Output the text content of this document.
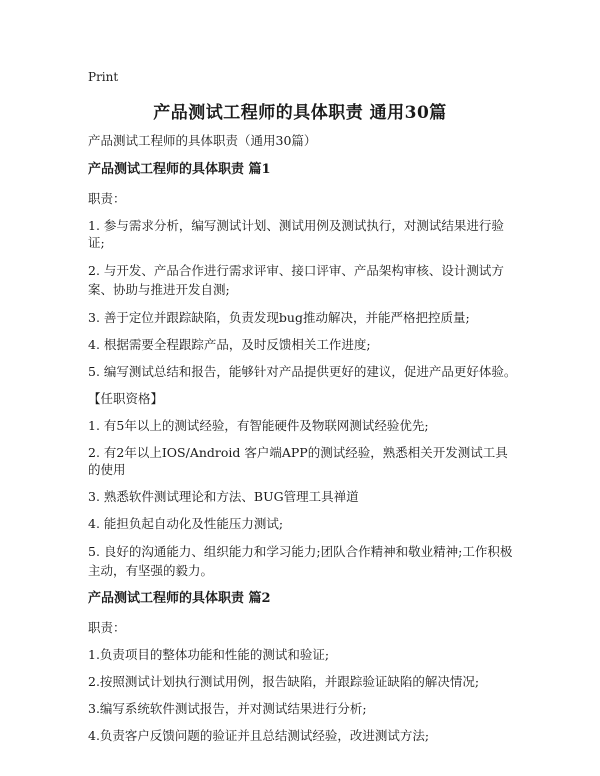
Print
产品测试工程师的具体职责 通用30篇

产品测试工程师的具体职责（通用30篇）

产品测试工程师的具体职责 篇1

职责：

1. 参与需求分析，编写测试计划、测试用例及测试执行，对测试结果进行验证;

2. 与开发、产品合作进行需求评审、接口评审、产品架构审核、设计测试方案、协助与推进开发自测;

3. 善于定位并跟踪缺陷，负责发现bug推动解决，并能严格把控质量;

4. 根据需要全程跟踪产品，及时反馈相关工作进度;

5. 编写测试总结和报告，能够针对产品提供更好的建议，促进产品更好体验。

【任职资格】

1. 有5年以上的测试经验，有智能硬件及物联网测试经验优先;

2. 有2年以上IOS/Android 客户端APP的测试经验，熟悉相关开发测试工具的使用

3. 熟悉软件测试理论和方法、BUG管理工具禅道

4. 能担负起自动化及性能压力测试;

5. 良好的沟通能力、组织能力和学习能力;团队合作精神和敬业精神;工作积极主动，有坚强的毅力。

产品测试工程师的具体职责 篇2

职责：

1.负责项目的整体功能和性能的测试和验证;

2.按照测试计划执行测试用例，报告缺陷，并跟踪验证缺陷的解决情况;

3.编写系统软件测试报告，并对测试结果进行分析;

4.负责客户反馈问题的验证并且总结测试经验，改进测试方法;
